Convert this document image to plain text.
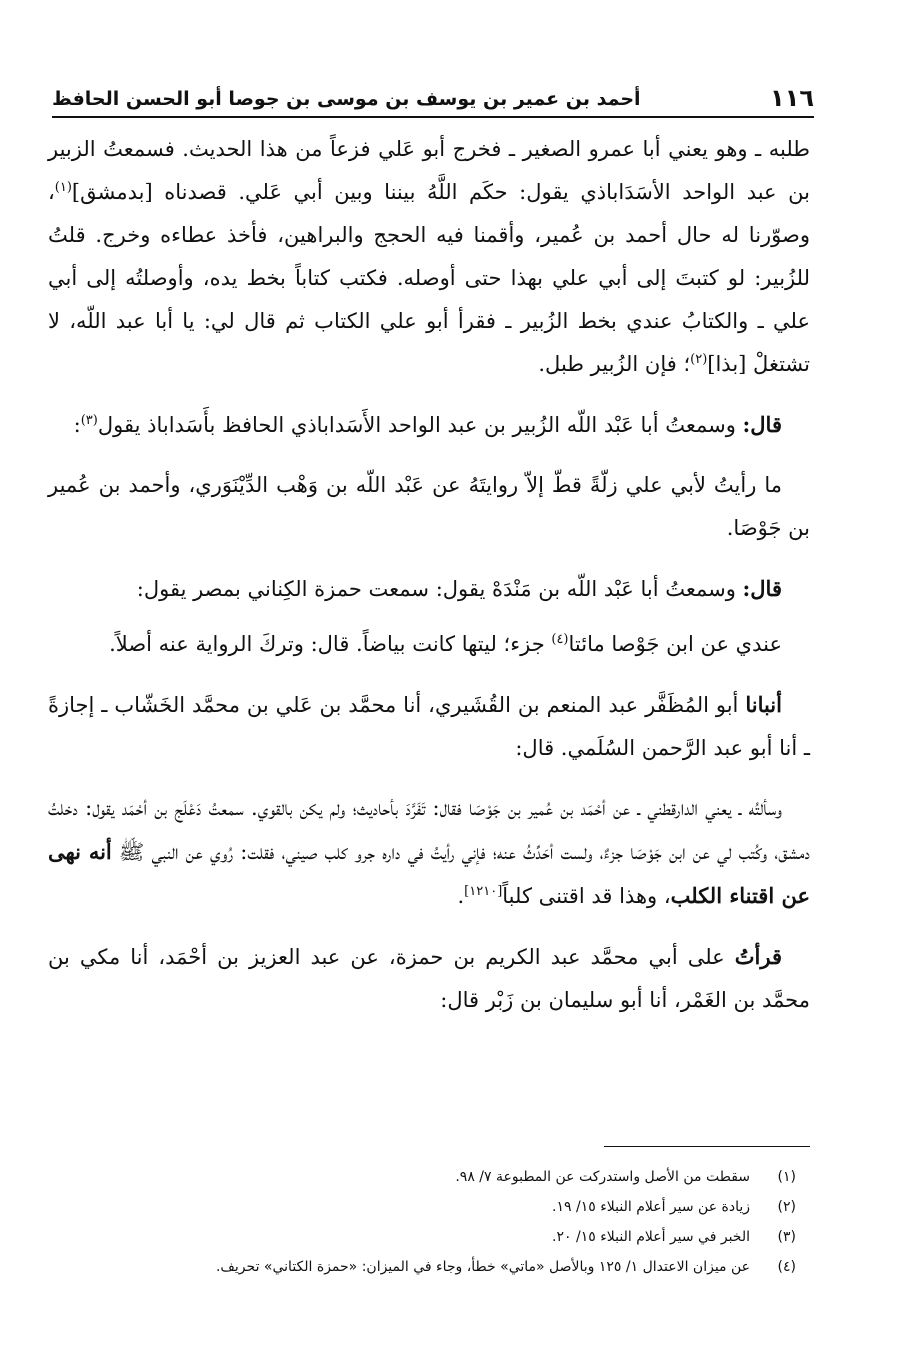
١١٦
أحمد بن عمير بن يوسف بن موسى بن جوصا أبو الحسن الحافظ

طلبه ـ وهو يعني أبا عمرو الصغير ـ فخرج أبو عَلي فزعاً من هذا الحديث. فسمعتُ الزبير بن عبد الواحد الأسَدَاباذي يقول: حكَم اللَّهُ بيننا وبين أبي عَلي. قصدناه [بدمشق]$^{(١)}$، وصوّرنا له حال أحمد بن عُمير، وأقمنا فيه الحجج والبراهين، فأخذ عطاءه وخرج. قلتُ للزُبير: لو كتبتَ إلى أبي علي بهذا حتى أوصله. فكتب كتاباً بخط يده، وأوصلتُه إلى أبي علي ـ والكتابُ عندي بخط الزُبير ـ فقرأ أبو علي الكتاب ثم قال لي: يا أبا عبد اللّه، لا تشتغلْ [بذا]$^{(٢)}$؛ فإن الزُبير طبل.

قال: وسمعتُ أبا عَبْد اللّه الزُبير بن عبد الواحد الأَسَداباذي الحافظ بأَسَداباذ يقول$^{(٣)}$:

ما رأيتُ لأبي علي زلّةً قطّ إلاّ روايتَهُ عن عَبْد اللّه بن وَهْب الدِّيْنَوَري، وأحمد بن عُمير بن جَوْصَا.

قال: وسمعتُ أبا عَبْد اللّه بن مَنْدَهْ يقول: سمعت حمزة الكِناني بمصر يقول:

عندي عن ابن جَوْصا مائتا$^{(٤)}$ جزء؛ ليتها كانت بياضاً. قال: وتركَ الرواية عنه أصلاً.

أنبانا أبو المُظَفَّر عبد المنعم بن القُشَيري، أنا محمَّد بن عَلي بن محمَّد الخَشّاب ـ إجازةً ـ أنا أبو عبد الرَّحمن السُلَمي. قال:

وسألتُه ـ يعني الدارقطني ـ عن أحْمَد بن عُمير بن جَوْصَا فقال: تَفَرَّدَ بأحاديث؛ ولم يكن بالقوي. سمعتُ دَعْلَج بن أحْمَد يقول: دخلتُ دمشق، وكُتب لي عن ابن جَوْصَا جزءٌ، ولست أحَدِّثُ عنه؛ فإني رأيتُ في داره جرو كلب صيني، فقلت: رُوي عن النبي ﷺ أنه نهى عن اقتناء الكلب، وهذا قد اقتنى كلباً[١٢١٠].

قرأتُ على أبي محمَّد عبد الكريم بن حمزة، عن عبد العزيز بن أحْمَد، أنا مكي بن محمَّد بن الغَمْر، أنا أبو سليمان بن زَبْر قال:

(١)
سقطت من الأصل واستدركت عن المطبوعة ٧/ ٩٨.
(٢)
زيادة عن سير أعلام النبلاء ١٥/ ١٩.
(٣)
الخبر في سير أعلام النبلاء ١٥/ ٢٠.
(٤)
عن ميزان الاعتدال ١/ ١٢٥ وبالأصل «ماتي» خطأ، وجاء في الميزان: «حمزة الكتاني» تحريف.
